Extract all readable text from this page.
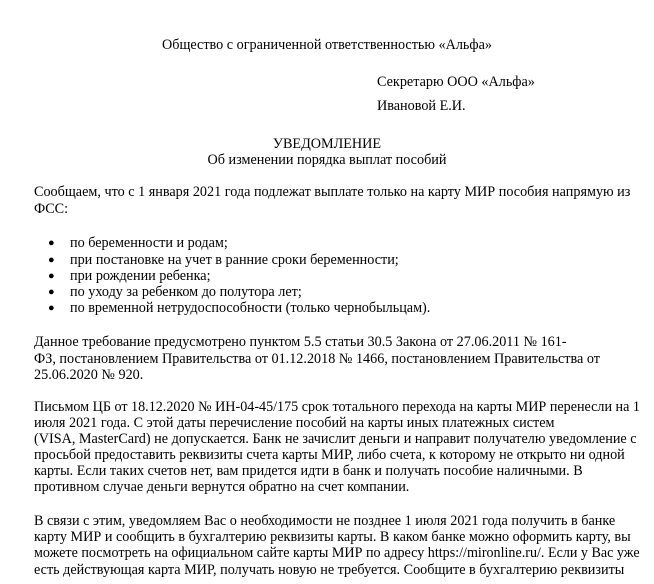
Общество с ограниченной ответственностью «Альфа»
Секретарю ООО «Альфа»
Ивановой Е.И.
УВЕДОМЛЕНИЕ
Об изменении порядка выплат пособий
Сообщаем, что с 1 января 2021 года подлежат выплате только на карту МИР пособия напрямую из
ФСС:
● по беременности и родам;
● при постановке на учет в ранние сроки беременности;
● при рождении ребенка;
● по уходу за ребенком до полутора лет;
● по временной нетрудоспособности (только чернобыльцам).
Данное требование предусмотрено пунктом 5.5 статьи 30.5 Закона от 27.06.2011 № 161-
ФЗ, постановлением Правительства от 01.12.2018 № 1466, постановлением Правительства от
25.06.2020 № 920.
Письмом ЦБ от 18.12.2020 № ИН-04-45/175 срок тотального перехода на карты МИР перенесли на 1
июля 2021 года. С этой даты перечисление пособий на карты иных платежных систем
(VISA, MasterCard) не допускается. Банк не зачислит деньги и направит получателю уведомление с
просьбой предоставить реквизиты счета карты МИР, либо счета, к которому не открыто ни одной
карты. Если таких счетов нет, вам придется идти в банк и получать пособие наличными. В
противном случае деньги вернутся обратно на счет компании.
В связи с этим, уведомляем Вас о необходимости не позднее 1 июля 2021 года получить в банке
карту МИР и сообщить в бухгалтерию реквизиты карты. В каком банке можно оформить карту, вы
можете посмотреть на официальном сайте карты МИР по адресу https://mironline.ru/. Если у Вас уже
есть действующая карта МИР, получать новую не требуется. Сообщите в бухгалтерию реквизиты
